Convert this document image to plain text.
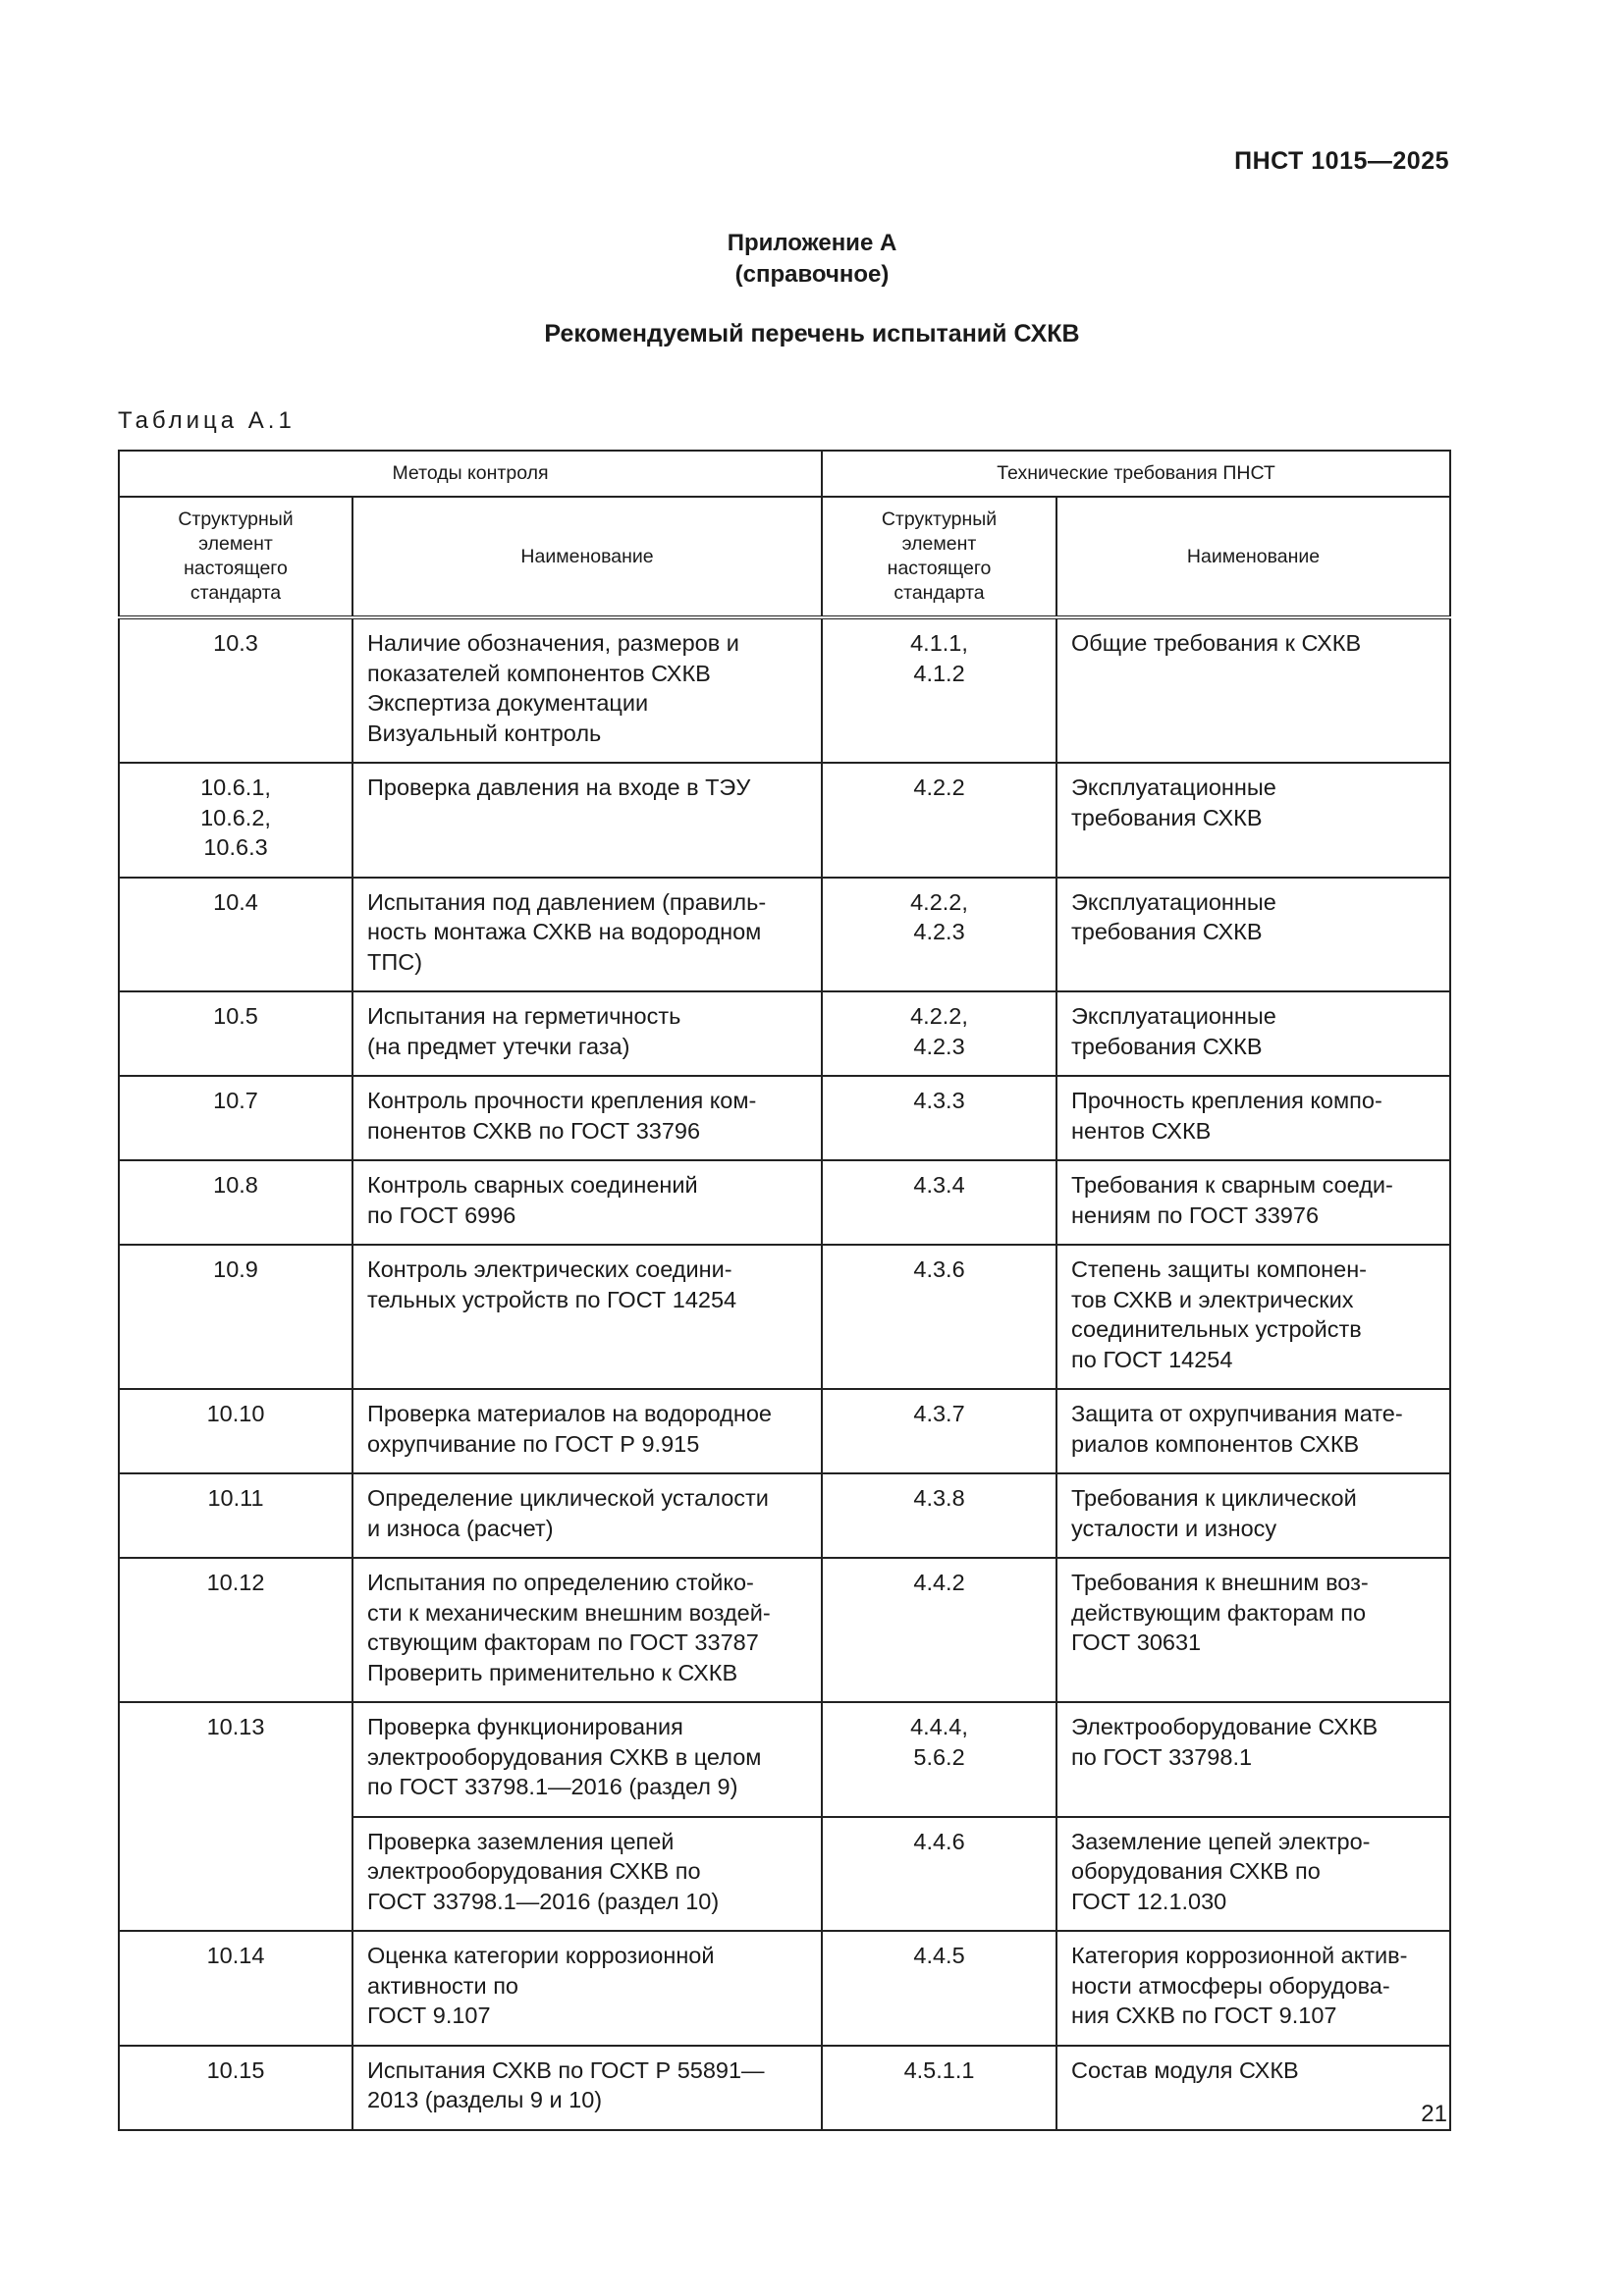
ПНСТ 1015—2025
Приложение А
(справочное)
Рекомендуемый перечень испытаний СХКВ
Таблица А.1
Методы контроля		Технические требования ПНСТ	

Структурный
элемент
настоящего
стандарта	Наименование	Структурный
элемент
настоящего
стандарта	Наименование

10.3	Наличие обозначения, размеров и
показателей компонентов СХКВ
Экспертиза документации
Визуальный контроль	4.1.1,
4.1.2	Общие требования к СХКВ

10.6.1,
10.6.2,
10.6.3	Проверка давления на входе в ТЭУ	4.2.2	Эксплуатационные
требования СХКВ

10.4	Испытания под давлением (правиль-
ность монтажа СХКВ на водородном
ТПС)	4.2.2,
4.2.3	Эксплуатационные
требования СХКВ

10.5	Испытания на герметичность
(на предмет утечки газа)	4.2.2,
4.2.3	Эксплуатационные
требования СХКВ

10.7	Контроль прочности крепления ком-
понентов СХКВ по ГОСТ 33796	4.3.3	Прочность крепления компо-
нентов СХКВ

10.8	Контроль сварных соединений
по ГОСТ 6996	4.3.4	Требования к сварным соеди-
нениям по ГОСТ 33976

10.9	Контроль электрических соедини-
тельных устройств по ГОСТ 14254	4.3.6	Степень защиты компонен-
тов СХКВ и электрических
соединительных устройств
по ГОСТ 14254

10.10	Проверка материалов на водородное
охрупчивание по ГОСТ Р 9.915	4.3.7	Защита от охрупчивания мате-
риалов компонентов СХКВ

10.11	Определение циклической усталости
и износа (расчет)	4.3.8	Требования к циклической
усталости и износу

10.12	Испытания по определению стойко-
сти к механическим внешним воздей-
ствующим факторам по ГОСТ 33787
Проверить применительно к СХКВ	4.4.2	Требования к внешним воз-
действующим факторам по
ГОСТ 30631

10.13	Проверка функционирования
электрооборудования СХКВ в целом
по ГОСТ 33798.1—2016 (раздел 9)	4.4.4,
5.6.2	Электрооборудование СХКВ
по ГОСТ 33798.1

	Проверка заземления цепей
электрооборудования СХКВ по
ГОСТ 33798.1—2016 (раздел 10)	4.4.6	Заземление цепей электро-
оборудования СХКВ по
ГОСТ 12.1.030

10.14	Оценка категории коррозионной
активности по
ГОСТ 9.107	4.4.5	Категория коррозионной актив-
ности атмосферы оборудова-
ния СХКВ по ГОСТ 9.107

10.15	Испытания СХКВ по ГОСТ Р 55891—
2013 (разделы 9 и 10)	4.5.1.1	Состав модуля СХКВ
21
